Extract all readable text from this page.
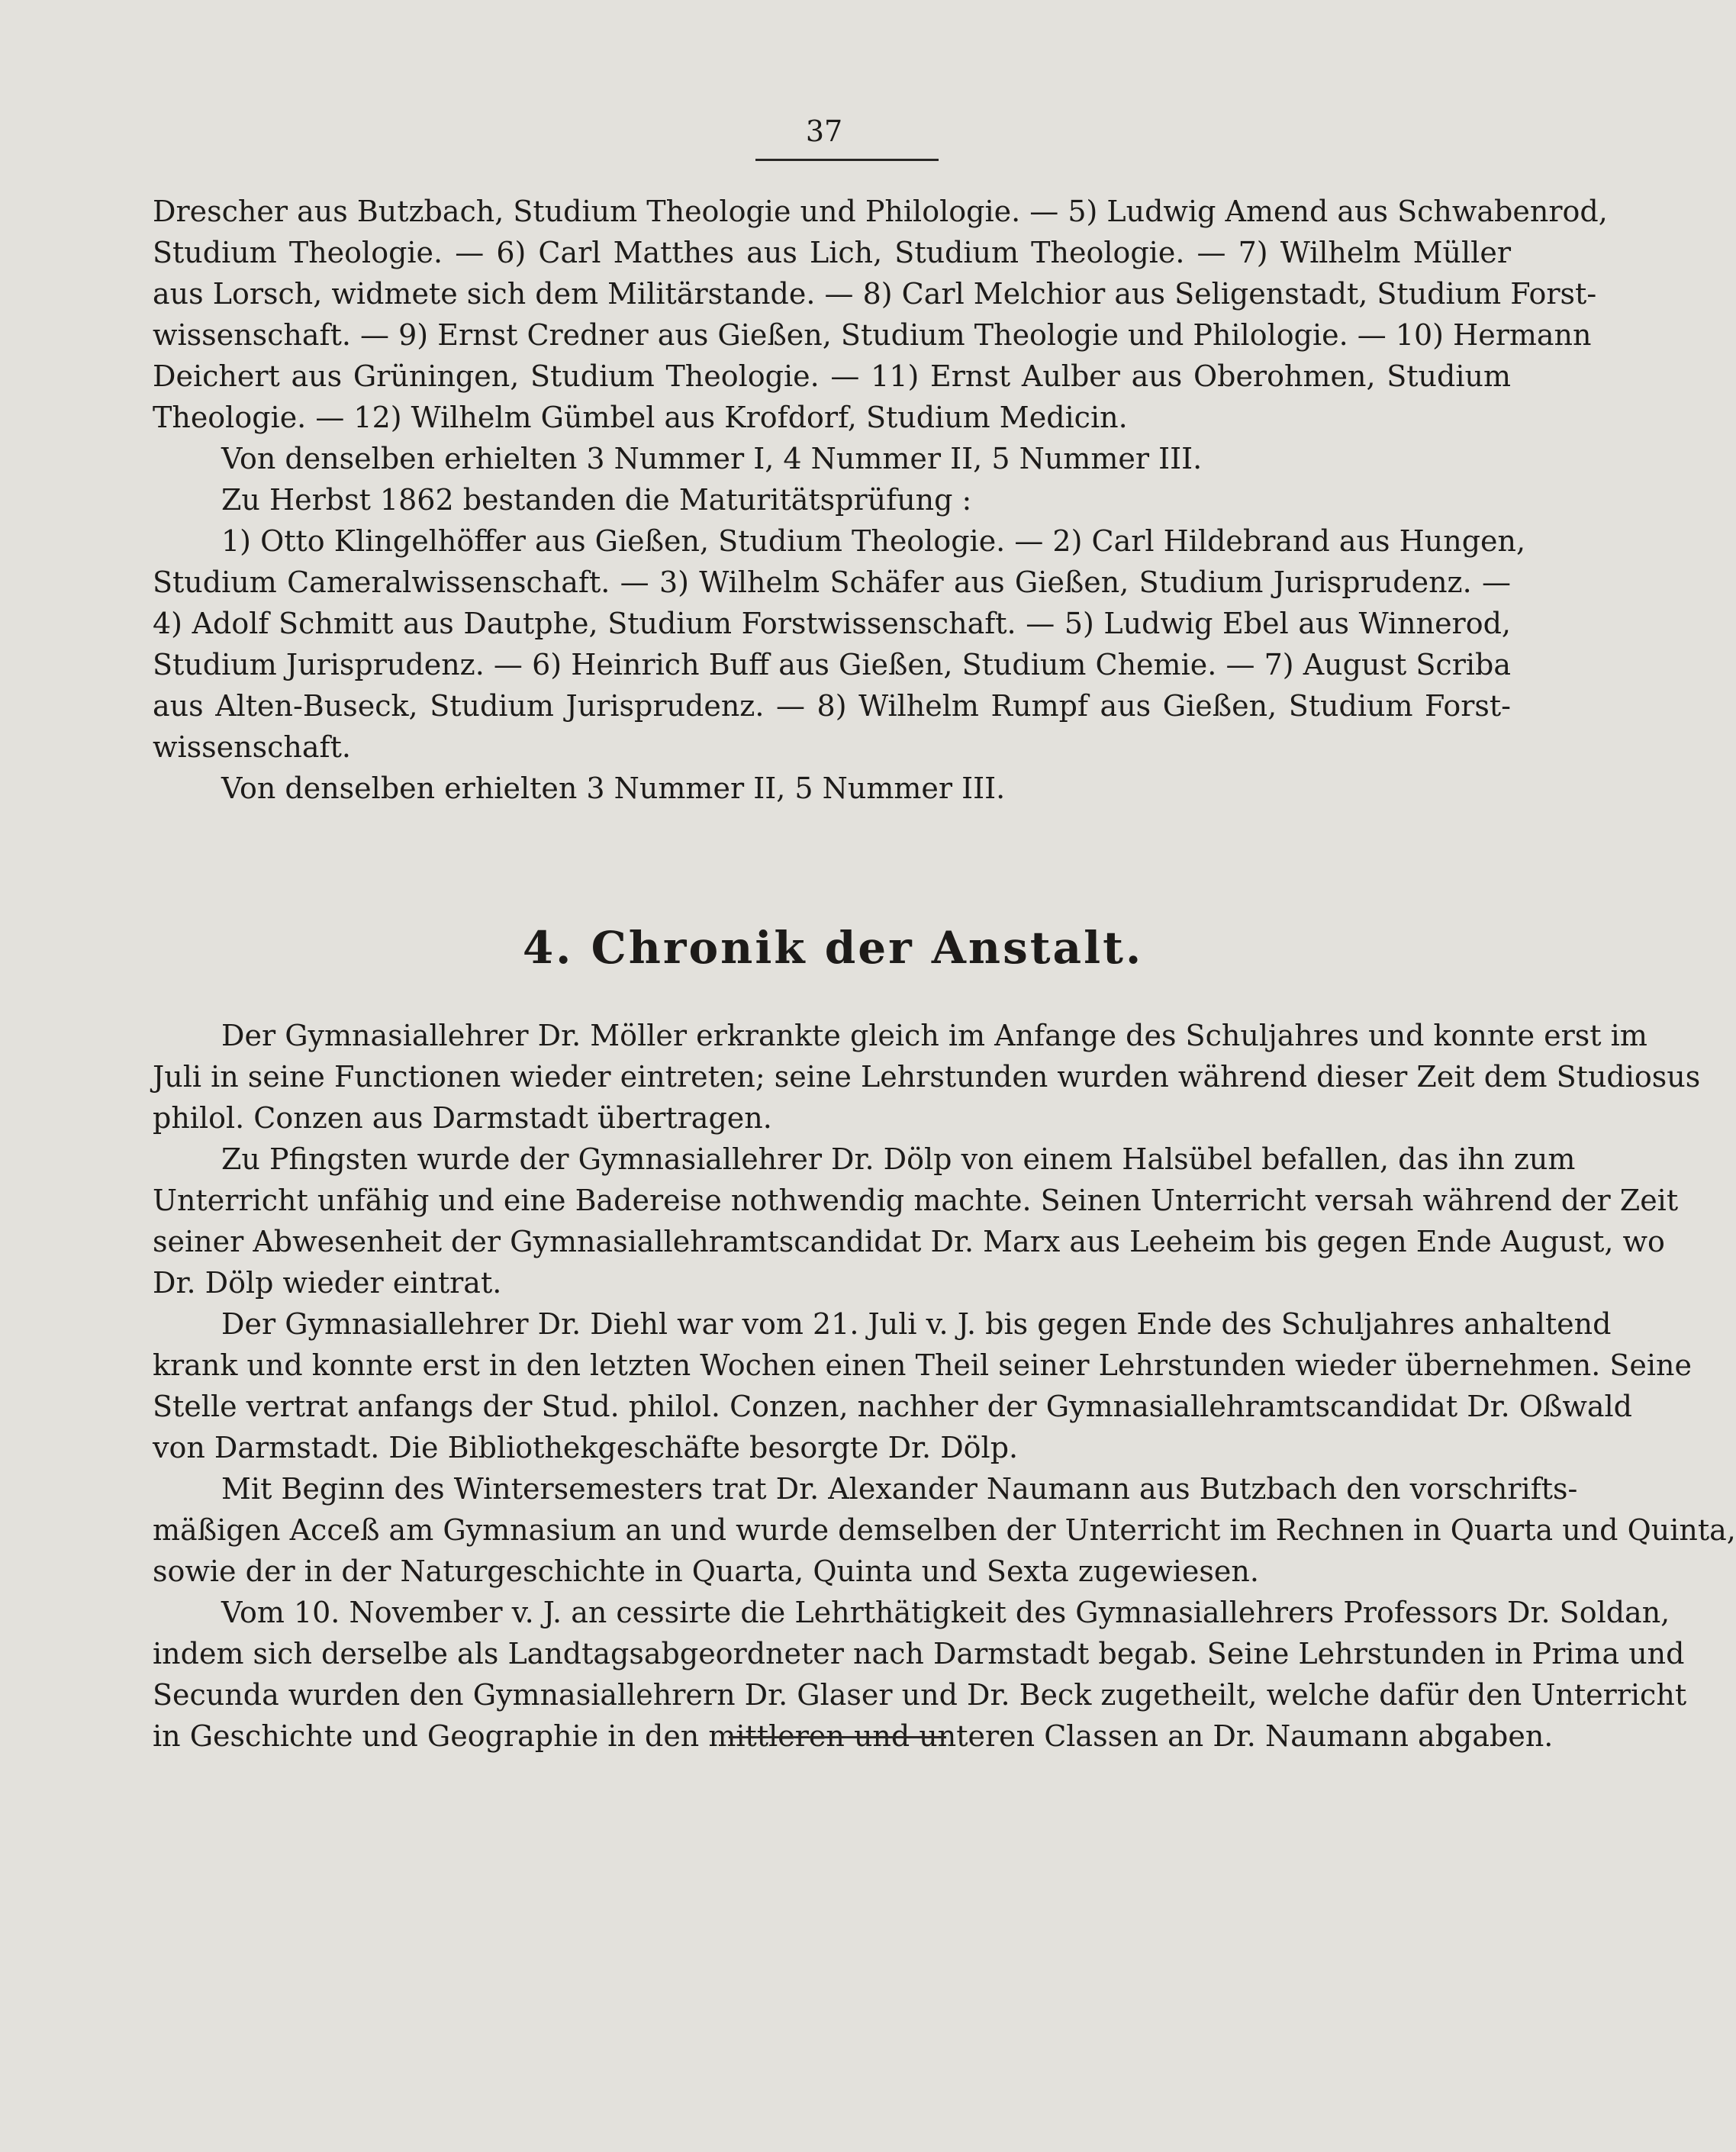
37
Drescher aus Butzbach, Studium Theologie und Philologie. — 5) Ludwig Amend aus Schwabenrod,
Studium Theologie. — 6) Carl Matthes aus Lich, Studium Theologie. — 7) Wilhelm Müller
aus Lorsch, widmete sich dem Militärstande. — 8) Carl Melchior aus Seligenstadt, Studium Forst-
wissenschaft. — 9) Ernst Credner aus Gießen, Studium Theologie und Philologie. — 10) Hermann
Deichert aus Grüningen, Studium Theologie. — 11) Ernst Aulber aus Oberohmen, Studium
Theologie. — 12) Wilhelm Gümbel aus Krofdorf, Studium Medicin.
Von denselben erhielten 3 Nummer I, 4 Nummer II, 5 Nummer III.
Zu Herbst 1862 bestanden die Maturitätsprüfung :
1) Otto Klingelhöffer aus Gießen, Studium Theologie. — 2) Carl Hildebrand aus Hungen,
Studium Cameralwissenschaft. — 3) Wilhelm Schäfer aus Gießen, Studium Jurisprudenz. —
4) Adolf Schmitt aus Dautphe, Studium Forstwissenschaft. — 5) Ludwig Ebel aus Winnerod,
Studium Jurisprudenz. — 6) Heinrich Buff aus Gießen, Studium Chemie. — 7) August Scriba
aus Alten-Buseck, Studium Jurisprudenz. — 8) Wilhelm Rumpf aus Gießen, Studium Forst-
wissenschaft.
Von denselben erhielten 3 Nummer II, 5 Nummer III.
4. Chronik der Anstalt.
Der Gymnasiallehrer Dr. Möller erkrankte gleich im Anfange des Schuljahres und konnte erst im
Juli in seine Functionen wieder eintreten; seine Lehrstunden wurden während dieser Zeit dem Studiosus
philol. Conzen aus Darmstadt übertragen.
Zu Pfingsten wurde der Gymnasiallehrer Dr. Dölp von einem Halsübel befallen, das ihn zum
Unterricht unfähig und eine Badereise nothwendig machte. Seinen Unterricht versah während der Zeit
seiner Abwesenheit der Gymnasiallehramtscandidat Dr. Marx aus Leeheim bis gegen Ende August, wo
Dr. Dölp wieder eintrat.
Der Gymnasiallehrer Dr. Diehl war vom 21. Juli v. J. bis gegen Ende des Schuljahres anhaltend
krank und konnte erst in den letzten Wochen einen Theil seiner Lehrstunden wieder übernehmen. Seine
Stelle vertrat anfangs der Stud. philol. Conzen, nachher der Gymnasiallehramtscandidat Dr. Oßwald
von Darmstadt. Die Bibliothekgeschäfte besorgte Dr. Dölp.
Mit Beginn des Wintersemesters trat Dr. Alexander Naumann aus Butzbach den vorschrifts-
mäßigen Acceß am Gymnasium an und wurde demselben der Unterricht im Rechnen in Quarta und Quinta,
sowie der in der Naturgeschichte in Quarta, Quinta und Sexta zugewiesen.
Vom 10. November v. J. an cessirte die Lehrthätigkeit des Gymnasiallehrers Professors Dr. Soldan,
indem sich derselbe als Landtagsabgeordneter nach Darmstadt begab. Seine Lehrstunden in Prima und
Secunda wurden den Gymnasiallehrern Dr. Glaser und Dr. Beck zugetheilt, welche dafür den Unterricht
in Geschichte und Geographie in den mittleren und unteren Classen an Dr. Naumann abgaben.
